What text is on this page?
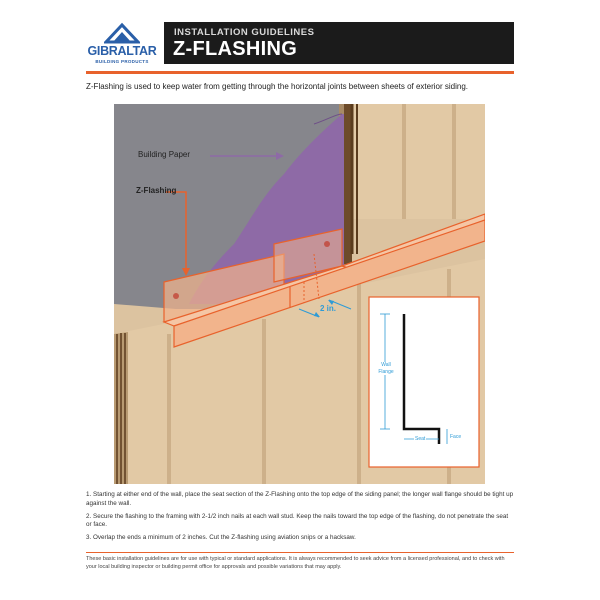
GIBRALTAR
BUILDING PRODUCTS
INSTALLATION GUIDELINES
Z-FLASHING
Z-Flashing is used to keep water from getting through the horizontal joints between sheets of exterior siding.
Building Paper
Z-Flashing
2 in.
Wall Flange
Seat	Face

1. Starting at either end of the wall, place the seat section of the Z-Flashing onto the top edge of the siding panel; the longer wall flange should be tight up against the wall.

2. Secure the flashing to the framing with 2-1/2 inch nails at each wall stud. Keep the nails toward the top edge of the flashing, do not penetrate the seat or face.

3. Overlap the ends a minimum of 2 inches. Cut the Z-flashing using aviation snips or a hacksaw.

These basic installation guidelines are for use with typical or standard applications. It is always recommended to seek advice from a licensed professional, and to check with your local building inspector or building permit office for approvals and possible variations that may apply.
